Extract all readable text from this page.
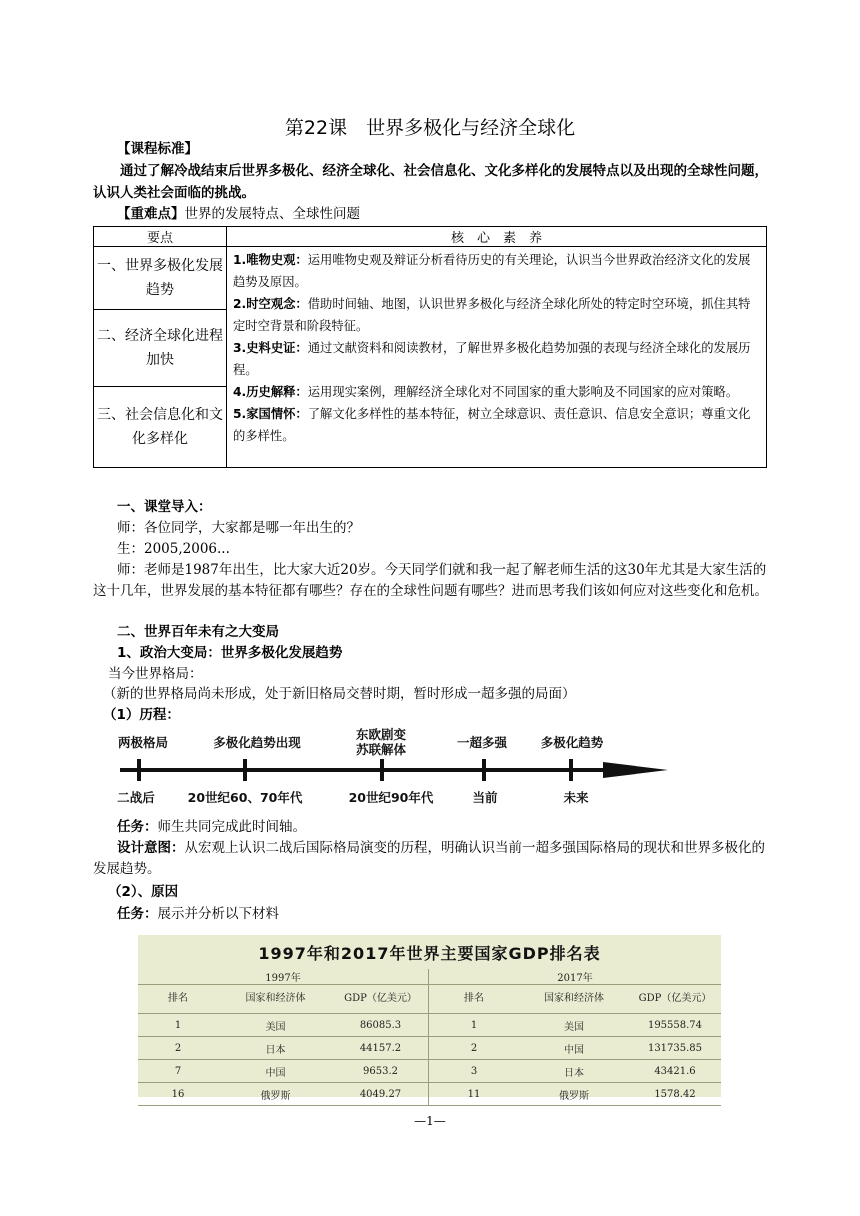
第22课　世界多极化与经济全球化
【课程标准】
通过了解冷战结束后世界多极化、经济全球化、社会信息化、文化多样化的发展特点以及出现的全球性问题，认识人类社会面临的挑战。
【重难点】世界的发展特点、全球性问题
要点	核　心　素　养
一、世界多极化发展趋势	1.唯物史观：运用唯物史观及辩证分析看待历史的有关理论，认识当今世界政治经济文化的发展趋势及原因。
2.时空观念：借助时间轴、地图，认识世界多极化与经济全球化所处的特定时空环境，抓住其特定时空背景和阶段特征。
3.史料史证：通过文献资料和阅读教材，了解世界多极化趋势加强的表现与经济全球化的发展历程。
4.历史解释：运用现实案例，理解经济全球化对不同国家的重大影响及不同国家的应对策略。
5.家国情怀：了解文化多样性的基本特征，树立全球意识、责任意识、信息安全意识；尊重文化的多样性。

二、经济全球化进程加快	
三、社会信息化和文化多样化	
一、课堂导入：
师：各位同学，大家都是哪一年出生的？
生：2005,2006...
师：老师是1987年出生，比大家大近20岁。今天同学们就和我一起了解老师生活的这30年尤其是大家生活的这十几年，世界发展的基本特征都有哪些？存在的全球性问题有哪些？进而思考我们该如何应对这些变化和危机。
二、世界百年未有之大变局
1、政治大变局：世界多极化发展趋势
当今世界格局：
（新的世界格局尚未形成，处于新旧格局交替时期，暂时形成一超多强的局面）
（1）历程：
两极格局	多极化趋势出现
东欧剧变
苏联解体	一超多强	多极化趋势
二战后	20世纪60、70年代	20世纪90年代	当前	未来
任务：师生共同完成此时间轴。
设计意图：从宏观上认识二战后国际格局演变的历程，明确认识当前一超多强国际格局的现状和世界多极化的发展趋势。
（2）、原因
任务：展示并分析以下材料
1997年和2017年世界主要国家GDP排名表
1997年			2017年		
排名	国家和经济体	GDP（亿美元）	排名	国家和经济体	GDP（亿美元）
1	美国	86085.3	1	美国	195558.74
2	日本	44157.2	2	中国	131735.85
7	中国	9653.2	3	日本	43421.6
16	俄罗斯	4049.27	11	俄罗斯	1578.42
—1—
